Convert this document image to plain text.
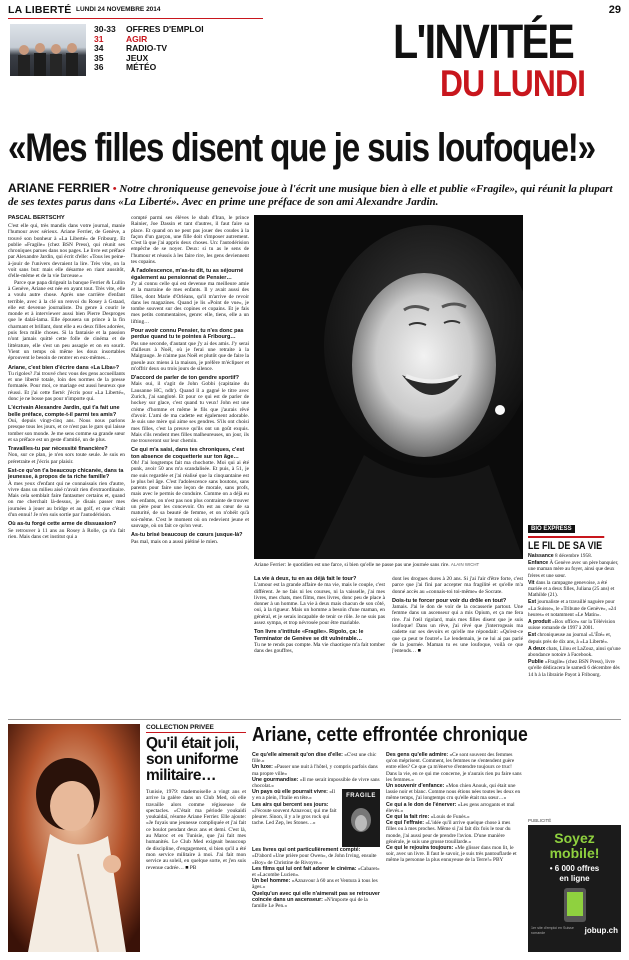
LA LIBERTÉ LUNDI 24 NOVEMBRE 2014	29
30-33	OFFRES D'EMPLOI
31	AGIR
34	RADIO-TV
35	JEUX
36	MÉTÉO	L'INVITÉE
DU LUNDI
«Mes filles disent que je suis loufoque!»
ARIANE FERRIER • Notre chroniqueuse genevoise joue à l'écrit une musique bien à elle et publie «Fragile», qui réunit la plupart de ses textes parus dans «La Liberté». Avec en prime une préface de son ami Alexandre Jardin.
PASCAL BERTSCHY
C'est elle qui, très mandis dans votre journal, manie l'humour avec sérieux. Ariane Ferrier, de Genève, a trouvé son bonheur à «La Liberté» de Fribourg. Et publie «Fragile» (chez BSN Press), qui réunit ses chroniques parues dans nos pages. Le livre est préfacé par Alexandre Jardin, qui écrit d'elle: «Tous les peine-à-jouir de l'univers devraient la lire. Très vite, on la voit sans but: mais elle désarme en riant aussitôt, d'elle-même et de la vie farceuse.»
Parce que papa dirigeait la banque Ferrier & Lullin à Genève, Ariane est née en ayant tout. Très vite, elle a voulu autre chose. Après une carrière d'enfant terrible, avec à la clé un renvoi du Rosey à Gstaad, elle est devenue journaliste. Du genre à courir le monde et à interviewer aussi bien Pierre Desproges que le dalaï-lama. Elle épousera un prince à la fin charmant et brillant, dont elle a eu deux filles adorées, puis fera mille choses. Si la fantaisie et la passion n'ont jamais quitté cette folle de cinéma et de littérature, elle s'est un peu assagie et on en sourit. Vient un temps où même les doux insortables éprouvent le besoin de rentrer en eux-mêmes…
Ariane, c'est bien d'écrire dans «La Liba»?
Tu rigoles? J'ai trouvé chez vous des gens accueillants et une liberté totale, loin des normes de la presse formatée. Pour moi, ce mariage est aussi heureux que réussi. Et j'ai cette fierté: j'écris pour «La Liberté», donc je ne bosse pas pour n'importe qui.
L'écrivain Alexandre Jardin, qui t'a fait une belle préface, compte-t-il parmi tes amis?
Oui, depuis vingt-cinq ans. Nous nous parlons presque tous les jours, et ce n'est pas le gars qui laisse tomber son monde. Je me sens comme sa grande sœur et sa préface est un geste d'amitié, un de plus.
Travailles-tu par nécessité financière?
Non, sur ce plan, je n'en sors toute seule. Je suis en préretraite et j'écris par plaisir.
Est-ce qu'on t'a beaucoup chicanée, dans ta jeunesse, à propos de ta riche famille?
À mes yeux d'enfant qui ne connaissais rien d'autre, vivre dans un milieu aisé n'avait rien d'extraordinaire. Mais cela semblait faire fantasmer certains et, quand on me cherchait là-dessus, je disais passer mes journées à jouer au bridge et au golf, et que c'était d'un ennui! Je n'en suis sortie par l'autodérision.
Où as-tu forgé cette arme de dissuasion?
Se retrouver à 11 ans au Rosey à Rolle, ça n'a fait rien. Mais dans cet institut qui a
compté parmi ses élèves le shah d'Iran, le prince Rainier, Joe Dassin et tant d'autres, il faut faire sa place. Et quand on ne peut pas jouer des coudes à la façon d'un garçon, une fille doit s'imposer autrement. C'est là que j'ai appris deux choses. Un: l'autodérision empêche de se noyer. Deux: si tu as le sens de l'humour et réussis à les faire rire, les gens deviennent tes copains.
À l'adolescence, m'as-tu dit, tu as séjourné également au pensionnat de Pensier…
J'y ai connu celle qui est devenue ma meilleure amie et la marraine de mes enfants. Il y avait aussi des filles, dont Marie d'Orléans, qu'il m'arrive de revoir dans les magazines. Quand je lis «Point de vue», je tombe souvent sur des copines et copains. Et je fais mes petits commentaires, genre: elle, tiens, elle a un lifting…
Pour avoir connu Pensier, tu n'es donc pas perdue quand tu te pointes à Fribourg…
Pas une seconde, d'autant que j'y ai des amis. J'y serai d'ailleurs à Noël, où je ferai une retraite à la Maigrauge. Je n'aime pas Noël et plutôt que de faire la gueule aux miens à la maison, je préfère m'éclipser et m'offrir deux ou trois jours de silence.
D'accord de parler de ton gendre sportif?
Mais oui, il s'agit de John Gobbi (capitaine du Lausanne HC, ndlr). Quand il a gagné le titre avec Zurich, j'ai sangloté. Et pour ce qui est de parler de hockey sur glace, c'est quand tu veux! John est une crème d'homme et même le fils que j'aurais rêvé d'avoir. L'ami de ma cadette est également adorable. Je suis une mère qui aime ses gendres. S'ils ont choisi mes filles, c'est la preuve qu'ils ont un goût exquis. Mais s'ils rendent mes filles malheureuses, un jour, ils me trouveront sur leur chemin.
Ce qui m'a saisi, dans tes chroniques, c'est ton absence de coquetterie sur ton âge…
Oh! J'ai longtemps fait ma chochotte. Moi qui ai été punk, avoir 50 ans m'a scandalisée. Et puis, à 51, je me suis regardée et j'ai réalisé que la cinquantaine est le plus bel âge. C'est l'adolescence sans boutons, sans parents pour faire une leçon de morale, sans profs, mais avec le permis de conduire. Comme on a déjà eu des enfants, on n'est pas non plus contrainte de trouver un père pour les concevoir. On est au cœur de sa maturité, de sa beauté de femme, et on n'obéit qu'à soi-même. C'est le moment où on redevient jeune et sauvage, où on fait ce qu'on veut.
As-tu brisé beaucoup de cœurs jusque-là?
Pas mal, mais on a aussi piétiné le mien.
Ariane Ferrier: le quotidien est une farce, si bien qu'elle ne passe pas une journée sans rire. ALAIN WICHT
La vie à deux, tu en as déjà fait le tour?
L'amour est la grande affaire de ma vie, mais le couple, c'est différent. Je ne fais ni les courses, ni la vaisselle, j'ai mes livres, mes chats, mes films, mes livres, donc peu de place à donner à un homme. La vie à deux mais chacun de son côté, oui, à la rigueur. Mais un homme a besoin d'une maman, en général, et je serais incapable de tenir ce rôle. Je ne suis pas assez sympa, et trop névrosée pour être mariable.
Ton livre s'intitule «Fragile». Rigolo, ça: le Terminator de Genève se dit vulnérable…
Tu ne te rends pas compte. Ma vie chaotique m'a fait tomber dans des gouffres,
dont les drogues dures à 20 ans. Si j'ai l'air d'être forte, c'est parce que j'ai fini par accepter ma fragilité et qu'elle m'a donné accès au «connais-toi toi-même» de Socrate.
Dois-tu te forcer pour voir du drôle en tout?
Jamais. J'ai le don de voir de la cocasserie partout. Une femme dans un ascenseur qui a mis Opium, et ça me fera rire. J'ai l'œil rigolard, mais mes filles disent que je suis loufoque! Dans un rêve, j'ai rêvé que j'interrogeais ma cadette sur ses devoirs et qu'elle me répondait: «Qu'est-ce que ça peut te foutre!» Le lendemain, je ne lui ai pas parlé de la journée. Maman tu es une loufoque, voilà ce que j'entends… ■
BIO EXPRESS
LE FIL DE SA VIE
Naissance 8 décembre 1958.
Enfance À Genève avec un père banquier, une maman mère au foyer, ainsi que deux frères et une sœur.
Vit dans la campagne genevoise, a été mariée et a deux filles, Juliana (25 ans) et Mathilde (21).
Est journaliste et a travaillé naguère pour «La Suisse», le «Tribune de Genève», «24 heures» et notamment «Le Matin».
A produit «Box office» sur la Télévision suisse romande de 1997 à 2001.
Est chroniqueuse au journal «L'Été» et, depuis près de dix ans, à «La Liberté».
A deux chats, Lilou et LaZouz, ainsi qu'une abondance notoire à Facebook.
Publie «Fragile» (chez BSN Press), livre qu'elle dédicacera le samedi 6 décembre dès 14 h à la librairie Payot à Fribourg.
COLLECTION PRIVÉE
Qu'il était joli, son uniforme militaire…
Tunisie, 1979: mademoiselle a vingt ans et arrive la galère dans un Club Med, où elle travaille alors comme régisseuse de spectacles. «C'était ma période youkaidi youkaidaï, résume Ariane Ferrier. Elle ajoute: «Je fuyais une jeunesse compliquée et j'ai fait ce boulot pendant deux ans et demi. C'est là, au Maroc et en Tunisie, que j'ai fait mes humanités. Le Club Med exigeait beaucoup de discipline, d'engagement, si bien qu'il a été mon service militaire à moi. J'ai fait mon service au soleil, en quelque sorte, et j'en suis revenue cadrée… ■ PB
Ariane, cette effrontée chronique
Ce qu'elle aimerait qu'on dise d'elle: «C'est une chic fille.»
Un luxe: «Passer une nuit à l'hôtel, y compris parfois dans ma propre ville»
Une gourmandise: «Il me serait impossible de vivre sans chocolat.»
Un pays où elle pourrait vivre: «Il y en a plein, l'Italie en tête.»
Les airs qui bercent ses jours: «J'écoute souvent Aznavour, qui me fait pleurer. Sinon, il y a le gros rock qui tache. Led Zep, les Stones…»
FRAGILE
Les livres qui ont particulièrement compté: «D'abord «Une prière pour Owen», de John Irving, ensuite «Boy» de Christine de Rivoyre.»
Les films qui lui ont fait adorer le cinéma: «Cabaret» et «Lacombe Lucien».
Un bel homme: «Aznavour à 60 ans et Ventura à tous les âges.»
Quelqu'un avec qui elle n'aimerait pas se retrouver coincée dans un ascenseur: «N'importe qui de la famille Le Pen.»
Des gens qu'elle admire: «Ce sont souvent des femmes qu'on méprisent. Comment, les femmes ne s'entendent guère entre elles? Ce que ça m'énerve d'entendre toujours ce truc! Dans la vie, en ce qui me concerne, je n'aurais rien pu faire sans les femmes.»
Un souvenir d'enfance: «Mon chien Anouk, qui était une lassie noir et blanc. Comme nous étions nées toutes les deux en même temps, j'ai longtemps cru qu'elle était ma sœur…»
Ce qui a le don de l'énerver: «Les gens arrogants et mal élevés.»
Ce qui la fait rire: «Louis de Funès.»
Ce qui l'effraie: «L'idée qu'il arrive quelque chose à mes filles ou à mes proches. Même si j'ai fait dix fois le tour du monde, j'ai aussi peur de prendre l'avion. D'une manière générale, je suis une grosse trouillarde.»
Ce qui le rejouira toujours: «Me glisser dans mon lit, le soir, avec un livre. Il faut le savoir, je suis très pantouflarde et même la personne la plus ennuyeuse de la Terre!» PBY
PUBLICITÉ
Soyez
mobile!
• 6 000 offres
en ligne
1er site d'emploi en Suisse romande	jobup.ch
